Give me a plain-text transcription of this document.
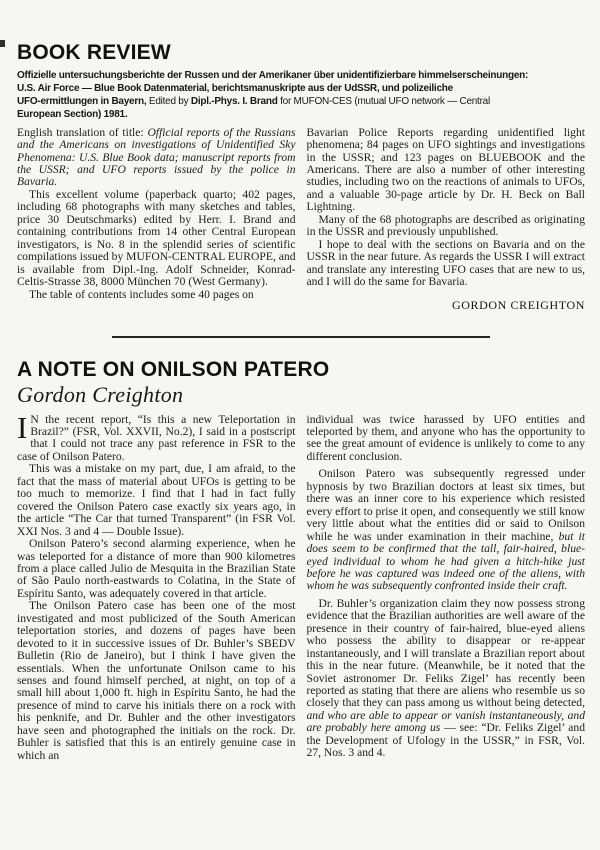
BOOK REVIEW

Offizielle untersuchungsberichte der Russen und der Amerikaner über unidentifizierbare himmelserscheinungen:
U.S. Air Force — Blue Book Datenmaterial, berichtsmanuskripte aus der UdSSR, und polizeiliche
UFO-ermittlungen in Bayern, Edited by Dipl.-Phys. I. Brand for MUFON-CES (mutual UFO network — Central
European Section) 1981.

English translation of title: Official reports of the Russians and the Americans on investigations of Unidentified Sky Phenomena: U.S. Blue Book data; manuscript reports from the USSR; and UFO reports issued by the police in Bavaria.

This excellent volume (paperback quarto; 402 pages, including 68 photographs with many sketches and tables, price 30 Deutschmarks) edited by Herr. I. Brand and containing contributions from 14 other Central European investigators, is No. 8 in the splendid series of scientific compilations issued by MUFON-CENTRAL EUROPE, and is available from Dipl.-Ing. Adolf Schneider, Konrad-Celtis-Strasse 38, 8000 München 70 (West Germany).

The table of contents includes some 40 pages on

Bavarian Police Reports regarding unidentified light phenomena; 84 pages on UFO sightings and investigations in the USSR; and 123 pages on BLUEBOOK and the Americans. There are also a number of other interesting studies, including two on the reactions of animals to UFOs, and a valuable 30-page article by Dr. H. Beck on Ball Lightning.

Many of the 68 photographs are described as originating in the USSR and previously unpublished.

I hope to deal with the sections on Bavaria and on the USSR in the near future. As regards the USSR I will extract and translate any interesting UFO cases that are new to us, and I will do the same for Bavaria.

GORDON CREIGHTON

A NOTE ON ONILSON PATERO

Gordon Creighton

I N the recent report, “Is this a new Teleportation in Brazil?” (FSR, Vol. XXVII, No.2), I said in a postscript that I could not trace any past reference in FSR to the case of Onilson Patero.

This was a mistake on my part, due, I am afraid, to the fact that the mass of material about UFOs is getting to be too much to memorize. I find that I had in fact fully covered the Onilson Patero case exactly six years ago, in the article “The Car that turned Transparent” (in FSR Vol. XXI Nos. 3 and 4 — Double Issue).

Onilson Patero’s second alarming experience, when he was teleported for a distance of more than 900 kilometres from a place called Julio de Mesquita in the Brazilian State of São Paulo north-eastwards to Colatina, in the State of Espíritu Santo, was adequately covered in that article.

The Onilson Patero case has been one of the most investigated and most publicized of the South American teleportation stories, and dozens of pages have been devoted to it in successive issues of Dr. Buhler’s SBEDV Bulletin (Rio de Janeiro), but I think I have given the essentials. When the unfortunate Onilson came to his senses and found himself perched, at night, on top of a small hill about 1,000 ft. high in Espíritu Santo, he had the presence of mind to carve his initials there on a rock with his penknife, and Dr. Buhler and the other investigators have seen and photographed the initials on the rock. Dr. Buhler is satisfied that this is an entirely genuine case in which an

individual was twice harassed by UFO entities and teleported by them, and anyone who has the opportunity to see the great amount of evidence is unlikely to come to any different conclusion.

Onilson Patero was subsequently regressed under hypnosis by two Brazilian doctors at least six times, but there was an inner core to his experience which resisted every effort to prise it open, and consequently we still know very little about what the entities did or said to Onilson while he was under examination in their machine, but it does seem to be confirmed that the tall, fair-haired, blue-eyed individual to whom he had given a hitch-hike just before he was captured was indeed one of the aliens, with whom he was subsequently confronted inside their craft.

Dr. Buhler’s organization claim they now possess strong evidence that the Brazilian authorities are well aware of the presence in their country of fair-haired, blue-eyed aliens who possess the ability to disappear or re-appear instantaneously, and I will translate a Brazilian report about this in the near future. (Meanwhile, be it noted that the Soviet astronomer Dr. Feliks Zigel’ has recently been reported as stating that there are aliens who resemble us so closely that they can pass among us without being detected, and who are able to appear or vanish instantaneously, and are probably here among us — see: “Dr. Feliks Zigel’ and the Development of Ufology in the USSR,” in FSR, Vol. 27, Nos. 3 and 4.
